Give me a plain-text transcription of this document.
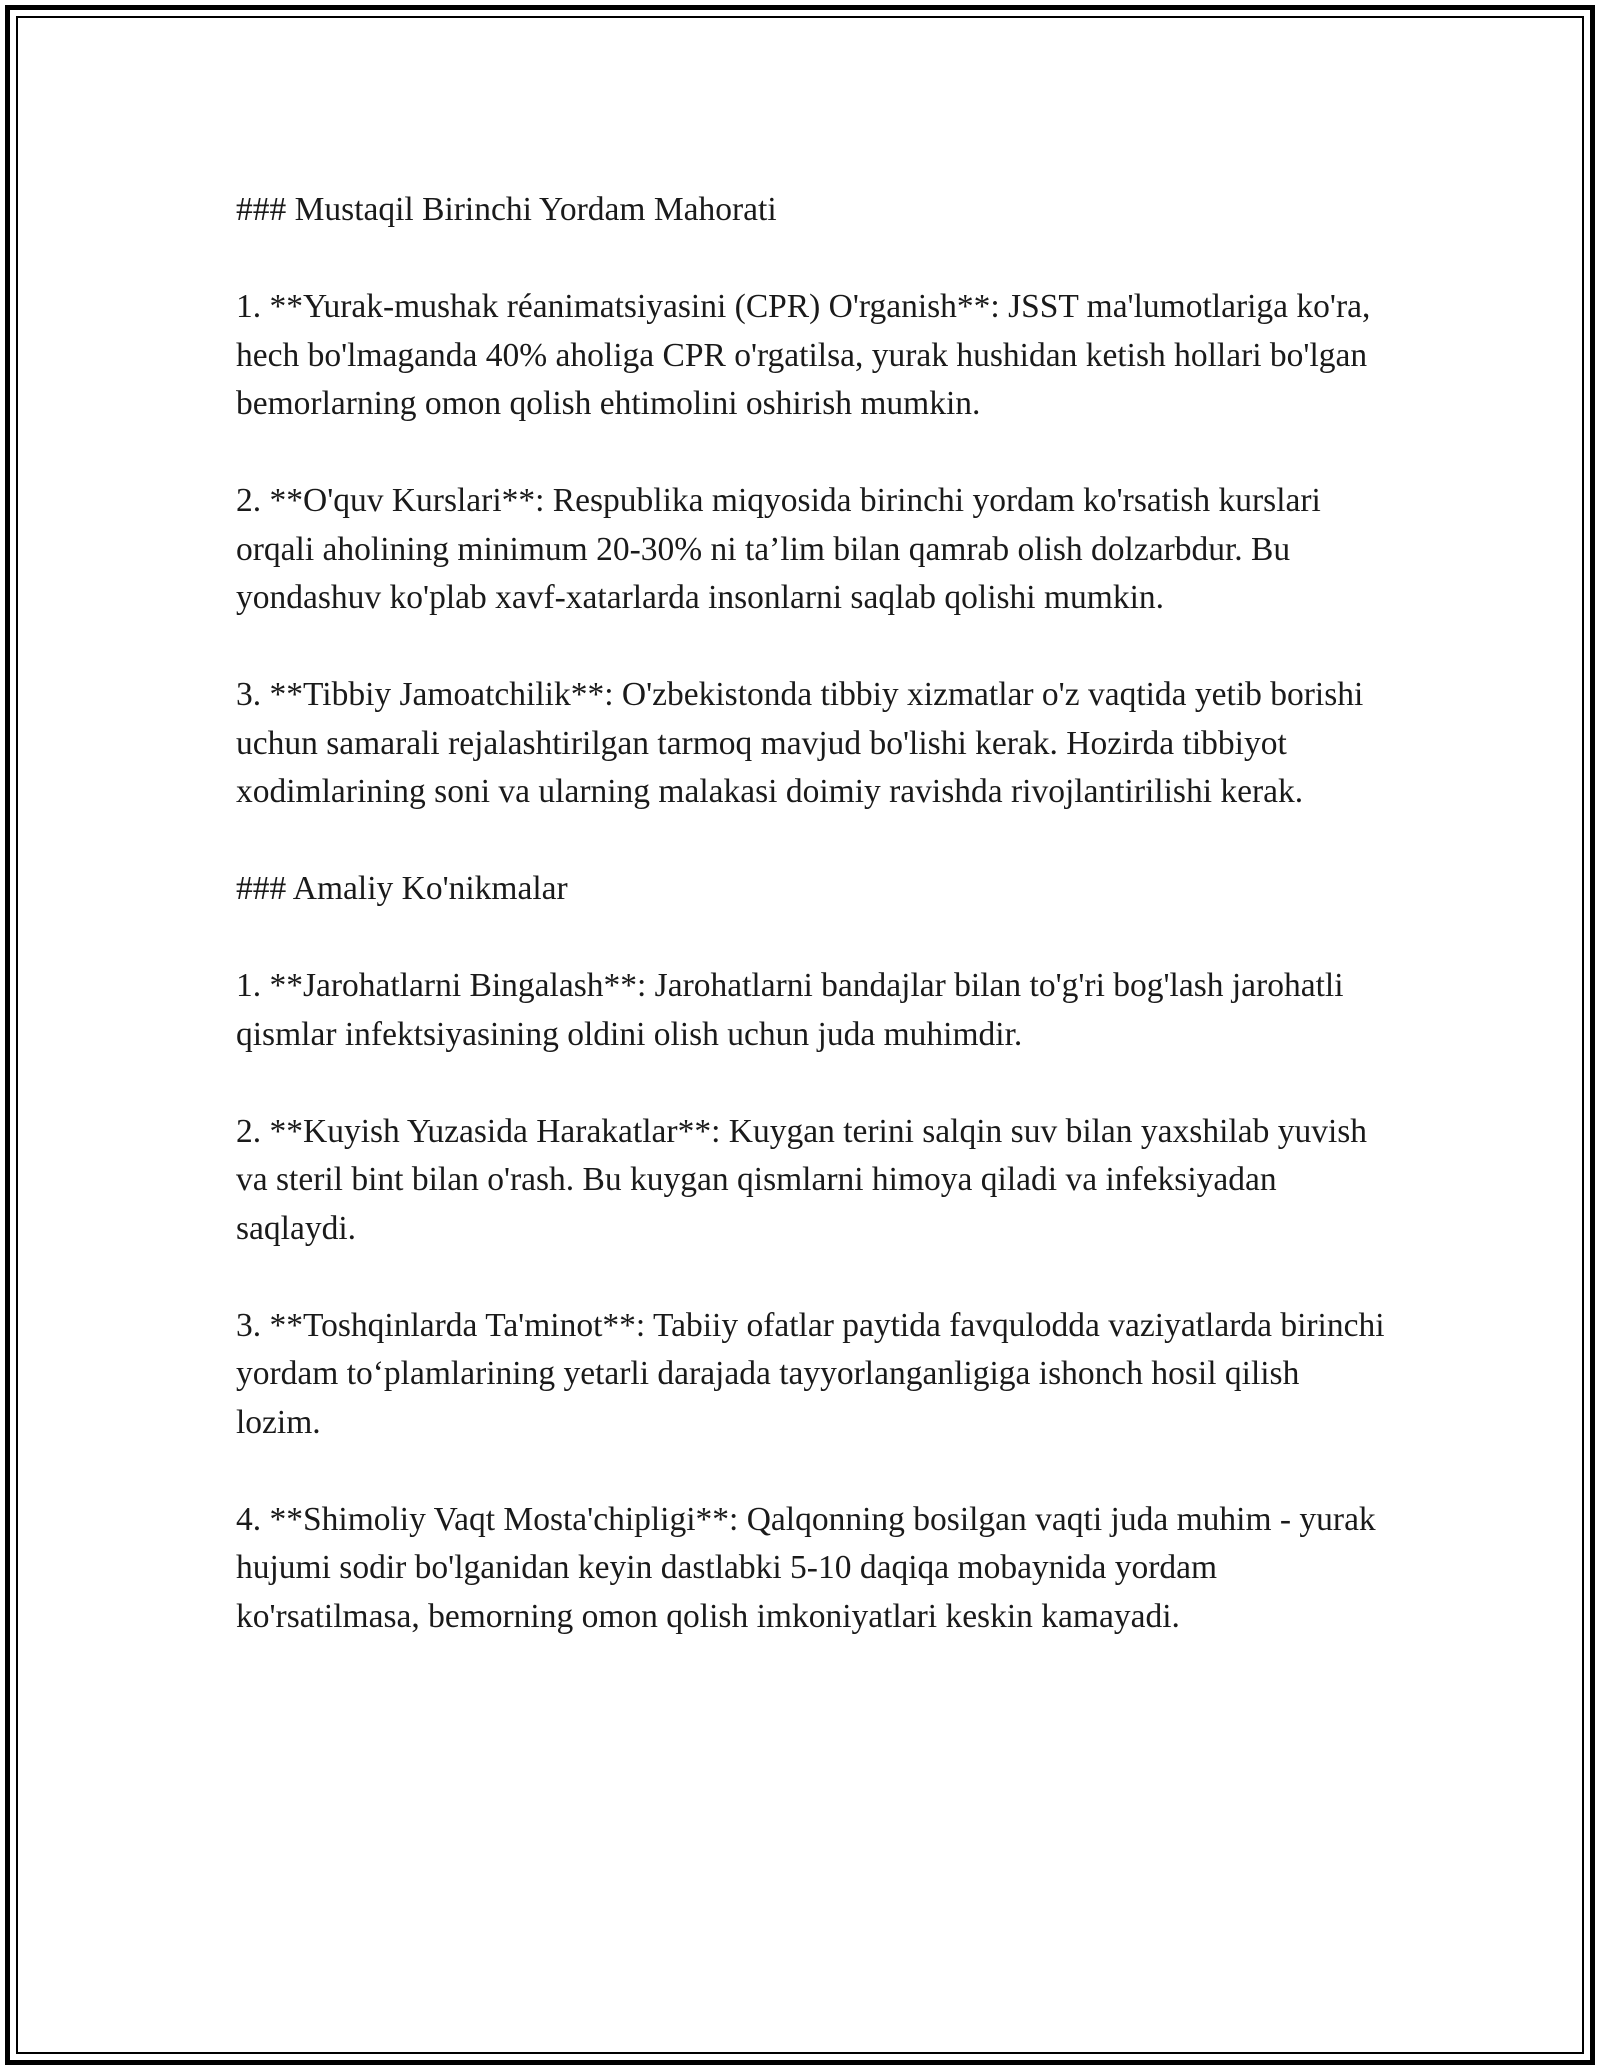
### Mustaqil Birinchi Yordam Mahorati

1. **Yurak-mushak réanimatsiyasini (CPR) O'rganish**: JSST ma'lumotlariga ko'ra, hech bo'lmaganda 40% aholiga CPR o'rgatilsa, yurak hushidan ketish hollari bo'lgan bemorlarning omon qolish ehtimolini oshirish mumkin.

2. **O'quv Kurslari**: Respublika miqyosida birinchi yordam ko'rsatish kurslari orqali aholining minimum 20-30% ni ta’lim bilan qamrab olish dolzarbdur. Bu yondashuv ko'plab xavf-xatarlarda insonlarni saqlab qolishi mumkin.

3. **Tibbiy Jamoatchilik**: O'zbekistonda tibbiy xizmatlar o'z vaqtida yetib borishi uchun samarali rejalashtirilgan tarmoq mavjud bo'lishi kerak. Hozirda tibbiyot xodimlarining soni va ularning malakasi doimiy ravishda rivojlantirilishi kerak.

### Amaliy Ko'nikmalar

1. **Jarohatlarni Bingalash**: Jarohatlarni bandajlar bilan to'g'ri bog'lash jarohatli qismlar infektsiyasining oldini olish uchun juda muhimdir.

2. **Kuyish Yuzasida Harakatlar**: Kuygan terini salqin suv bilan yaxshilab yuvish va steril bint bilan o'rash. Bu kuygan qismlarni himoya qiladi va infeksiyadan saqlaydi.

3. **Toshqinlarda Ta'minot**: Tabiiy ofatlar paytida favqulodda vaziyatlarda birinchi yordam to‘plamlarining yetarli darajada tayyorlanganligiga ishonch hosil qilish lozim.

4. **Shimoliy Vaqt Mosta'chipligi**: Qalqonning bosilgan vaqti juda muhim - yurak hujumi sodir bo'lganidan keyin dastlabki 5-10 daqiqa mobaynida yordam ko'rsatilmasa, bemorning omon qolish imkoniyatlari keskin kamayadi.
